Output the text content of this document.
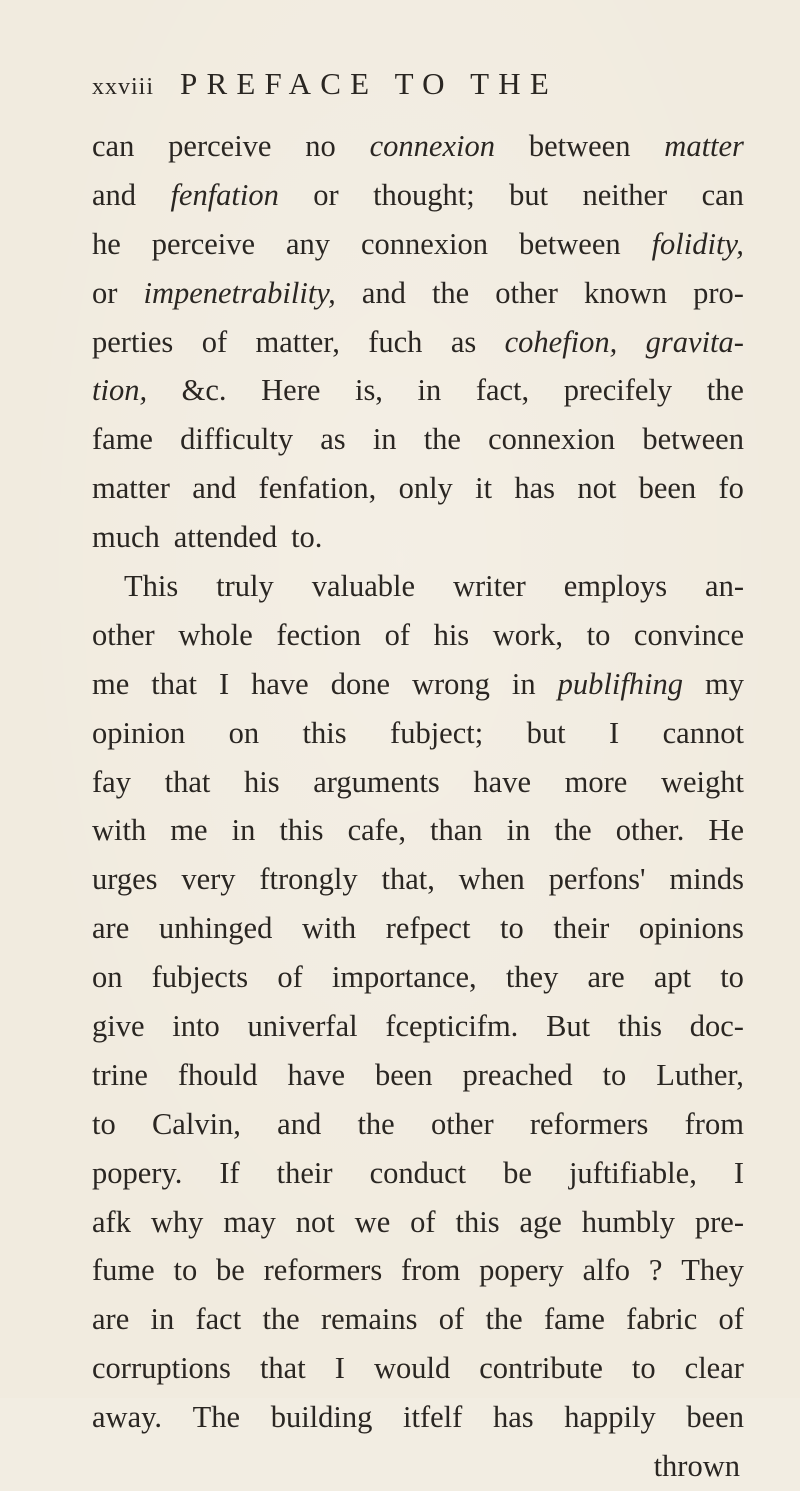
xxviii PREFACE TO THE
can perceive no connexion between matter
and fenfation or thought; but neither can
he perceive any connexion between folidity,
or impenetrability, and the other known pro-
perties of matter, fuch as cohefion, gravita-
tion, &c. Here is, in fact, precifely the
fame difficulty as in the connexion between
matter and fenfation, only it has not been fo
much attended to.
This truly valuable writer employs an-
other whole fection of his work, to convince
me that I have done wrong in publifhing my
opinion on this fubject; but I cannot
fay that his arguments have more weight
with me in this cafe, than in the other. He
urges very ftrongly that, when perfons' minds
are unhinged with refpect to their opinions
on fubjects of importance, they are apt to
give into univerfal fcepticifm. But this doc-
trine fhould have been preached to Luther,
to Calvin, and the other reformers from
popery. If their conduct be juftifiable, I
afk why may not we of this age humbly pre-
fume to be reformers from popery alfo ? They
are in fact the remains of the fame fabric of
corruptions that I would contribute to clear
away. The building itfelf has happily been
thrown
